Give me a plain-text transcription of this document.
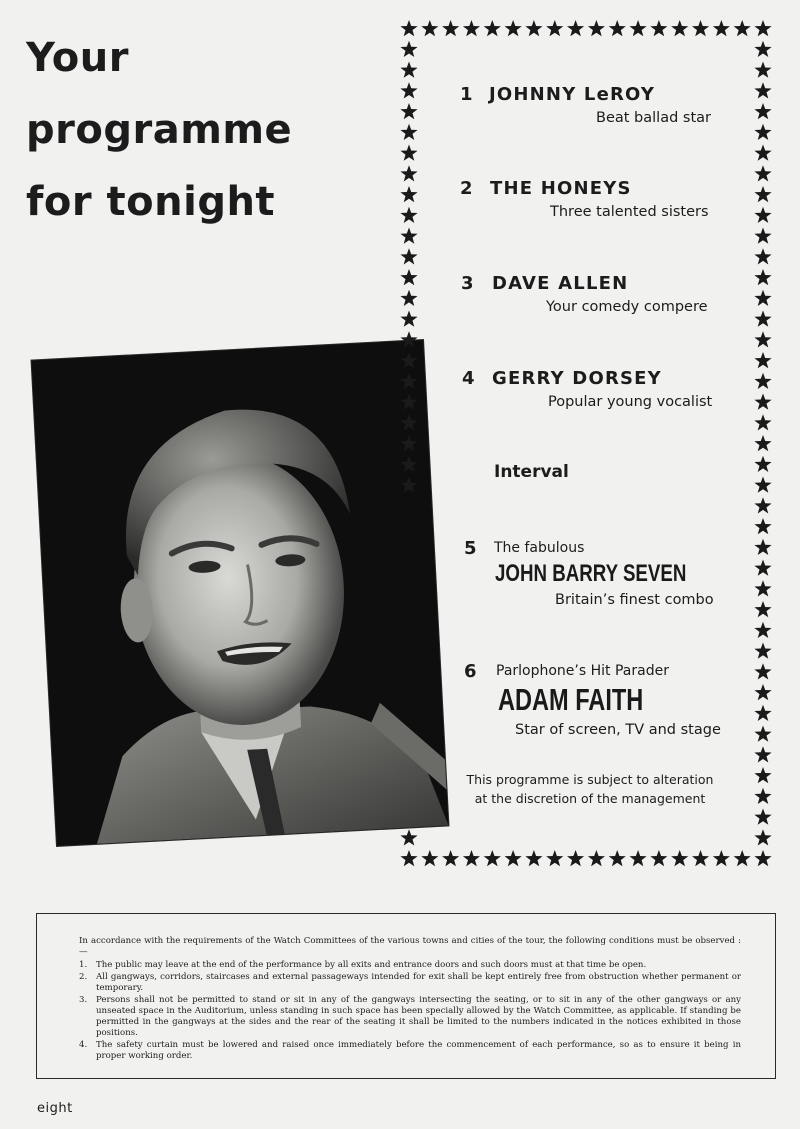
Your
programme
for tonight
1 JOHNNY LeROY
Beat ballad star
2 THE HONEYS
Three talented sisters
3 DAVE ALLEN
Your comedy compere
4 GERRY DORSEY
Popular young vocalist
Interval
5 The fabulous
JOHN BARRY SEVEN
Britain’s finest combo
6 Parlophone’s Hit Parader
ADAM FAITH
Star of screen, TV and stage
This programme is subject to alteration
at the discretion of the management
In accordance with the requirements of the Watch Committees of the various towns and cities of the tour, the following conditions must be observed :—
1. The public may leave at the end of the performance by all exits and entrance doors and such doors must at that time be open.
2. All gangways, corridors, staircases and external passageways intended for exit shall be kept entirely free from obstruction whether permanent or temporary.
3. Persons shall not be permitted to stand or sit in any of the gangways intersecting the seating, or to sit in any of the other gangways or any unseated space in the Auditorium, unless standing in such space has been specially allowed by the Watch Committee, as applicable. If standing be permitted in the gangways at the sides and the rear of the seating it shall be limited to the numbers indicated in the notices exhibited in those positions.
4. The safety curtain must be lowered and raised once immediately before the commencement of each performance, so as to ensure it being in proper working order.
eight
